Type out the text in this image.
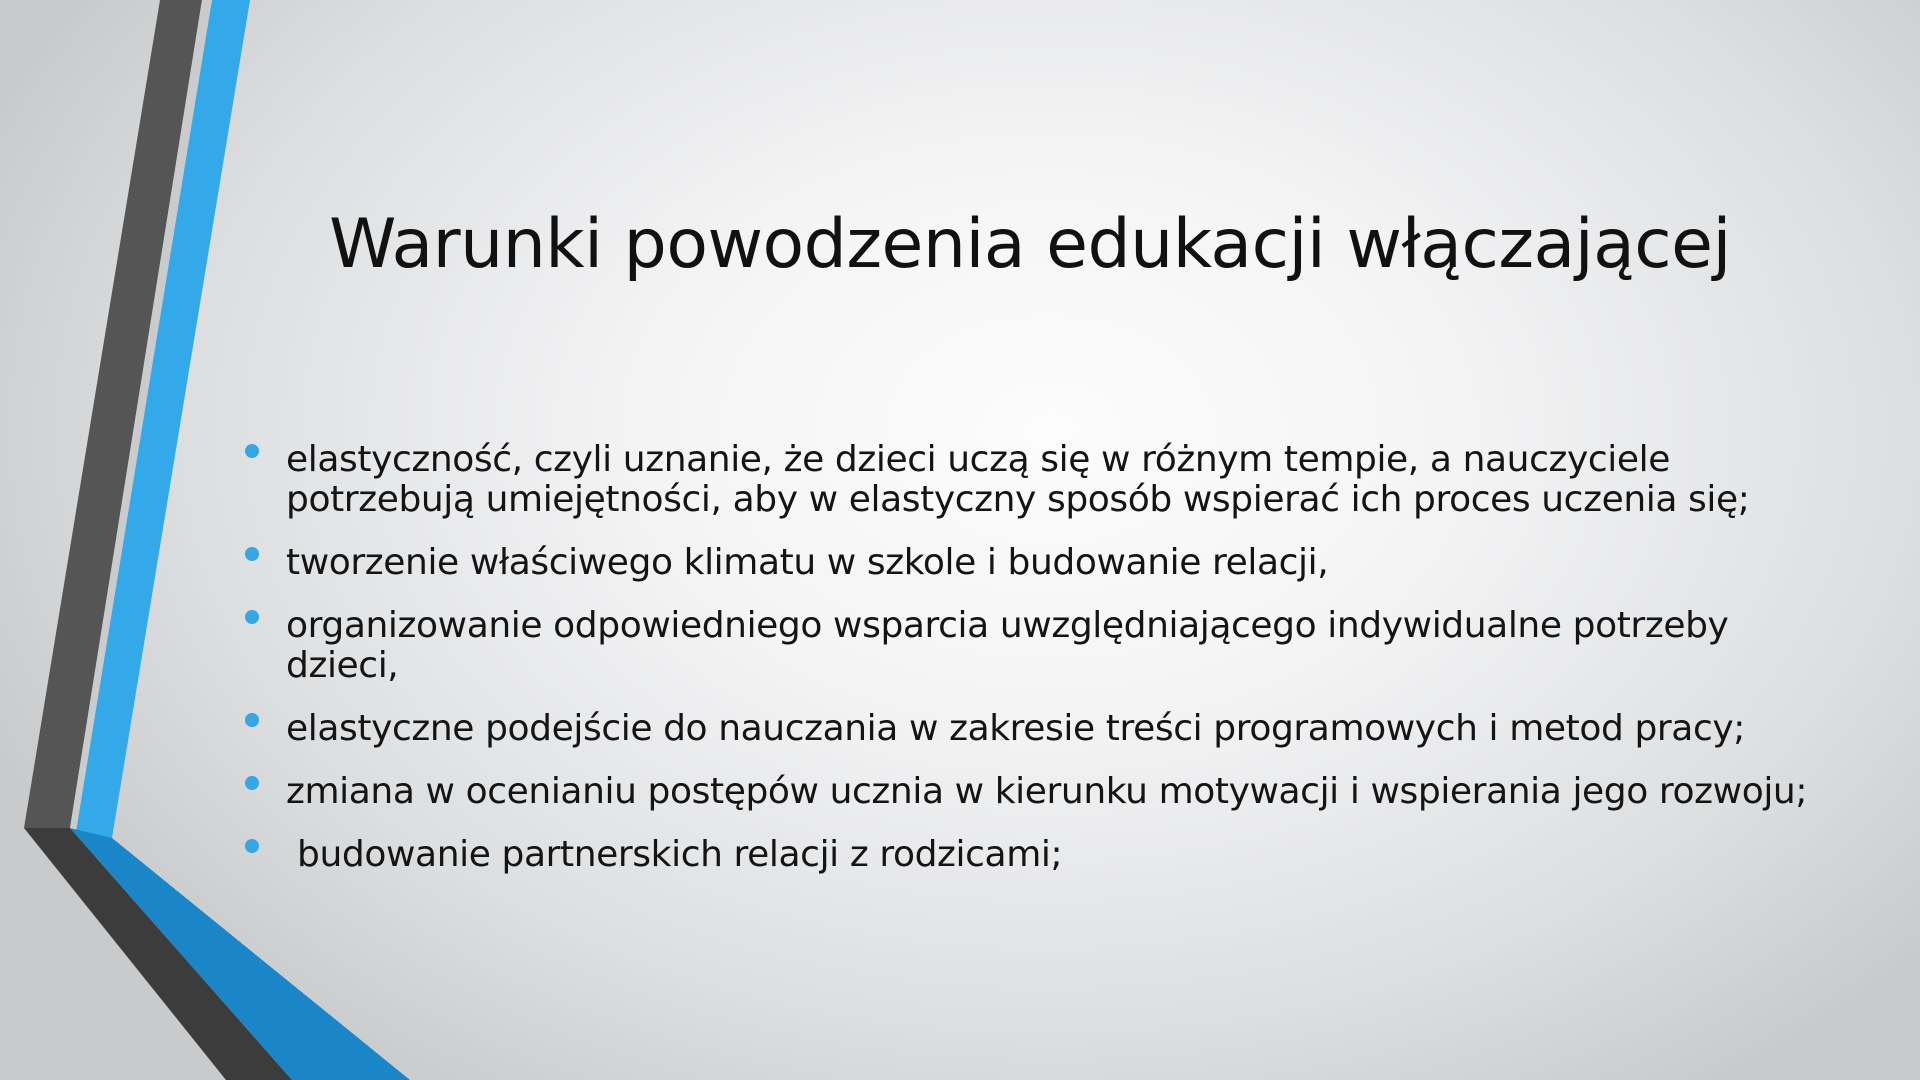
Warunki powodzenia edukacji włączającej
elastyczność, czyli uznanie, że dzieci uczą się w różnym tempie, a nauczyciele potrzebują umiejętności, aby w elastyczny sposób wspierać ich proces uczenia się;
tworzenie właściwego klimatu w szkole i budowanie relacji,
organizowanie odpowiedniego wsparcia uwzględniającego indywidualne potrzeby dzieci,
elastyczne podejście do nauczania w zakresie treści programowych i metod pracy;
zmiana w ocenianiu postępów ucznia w kierunku motywacji i wspierania jego rozwoju;
budowanie partnerskich relacji z rodzicami;
